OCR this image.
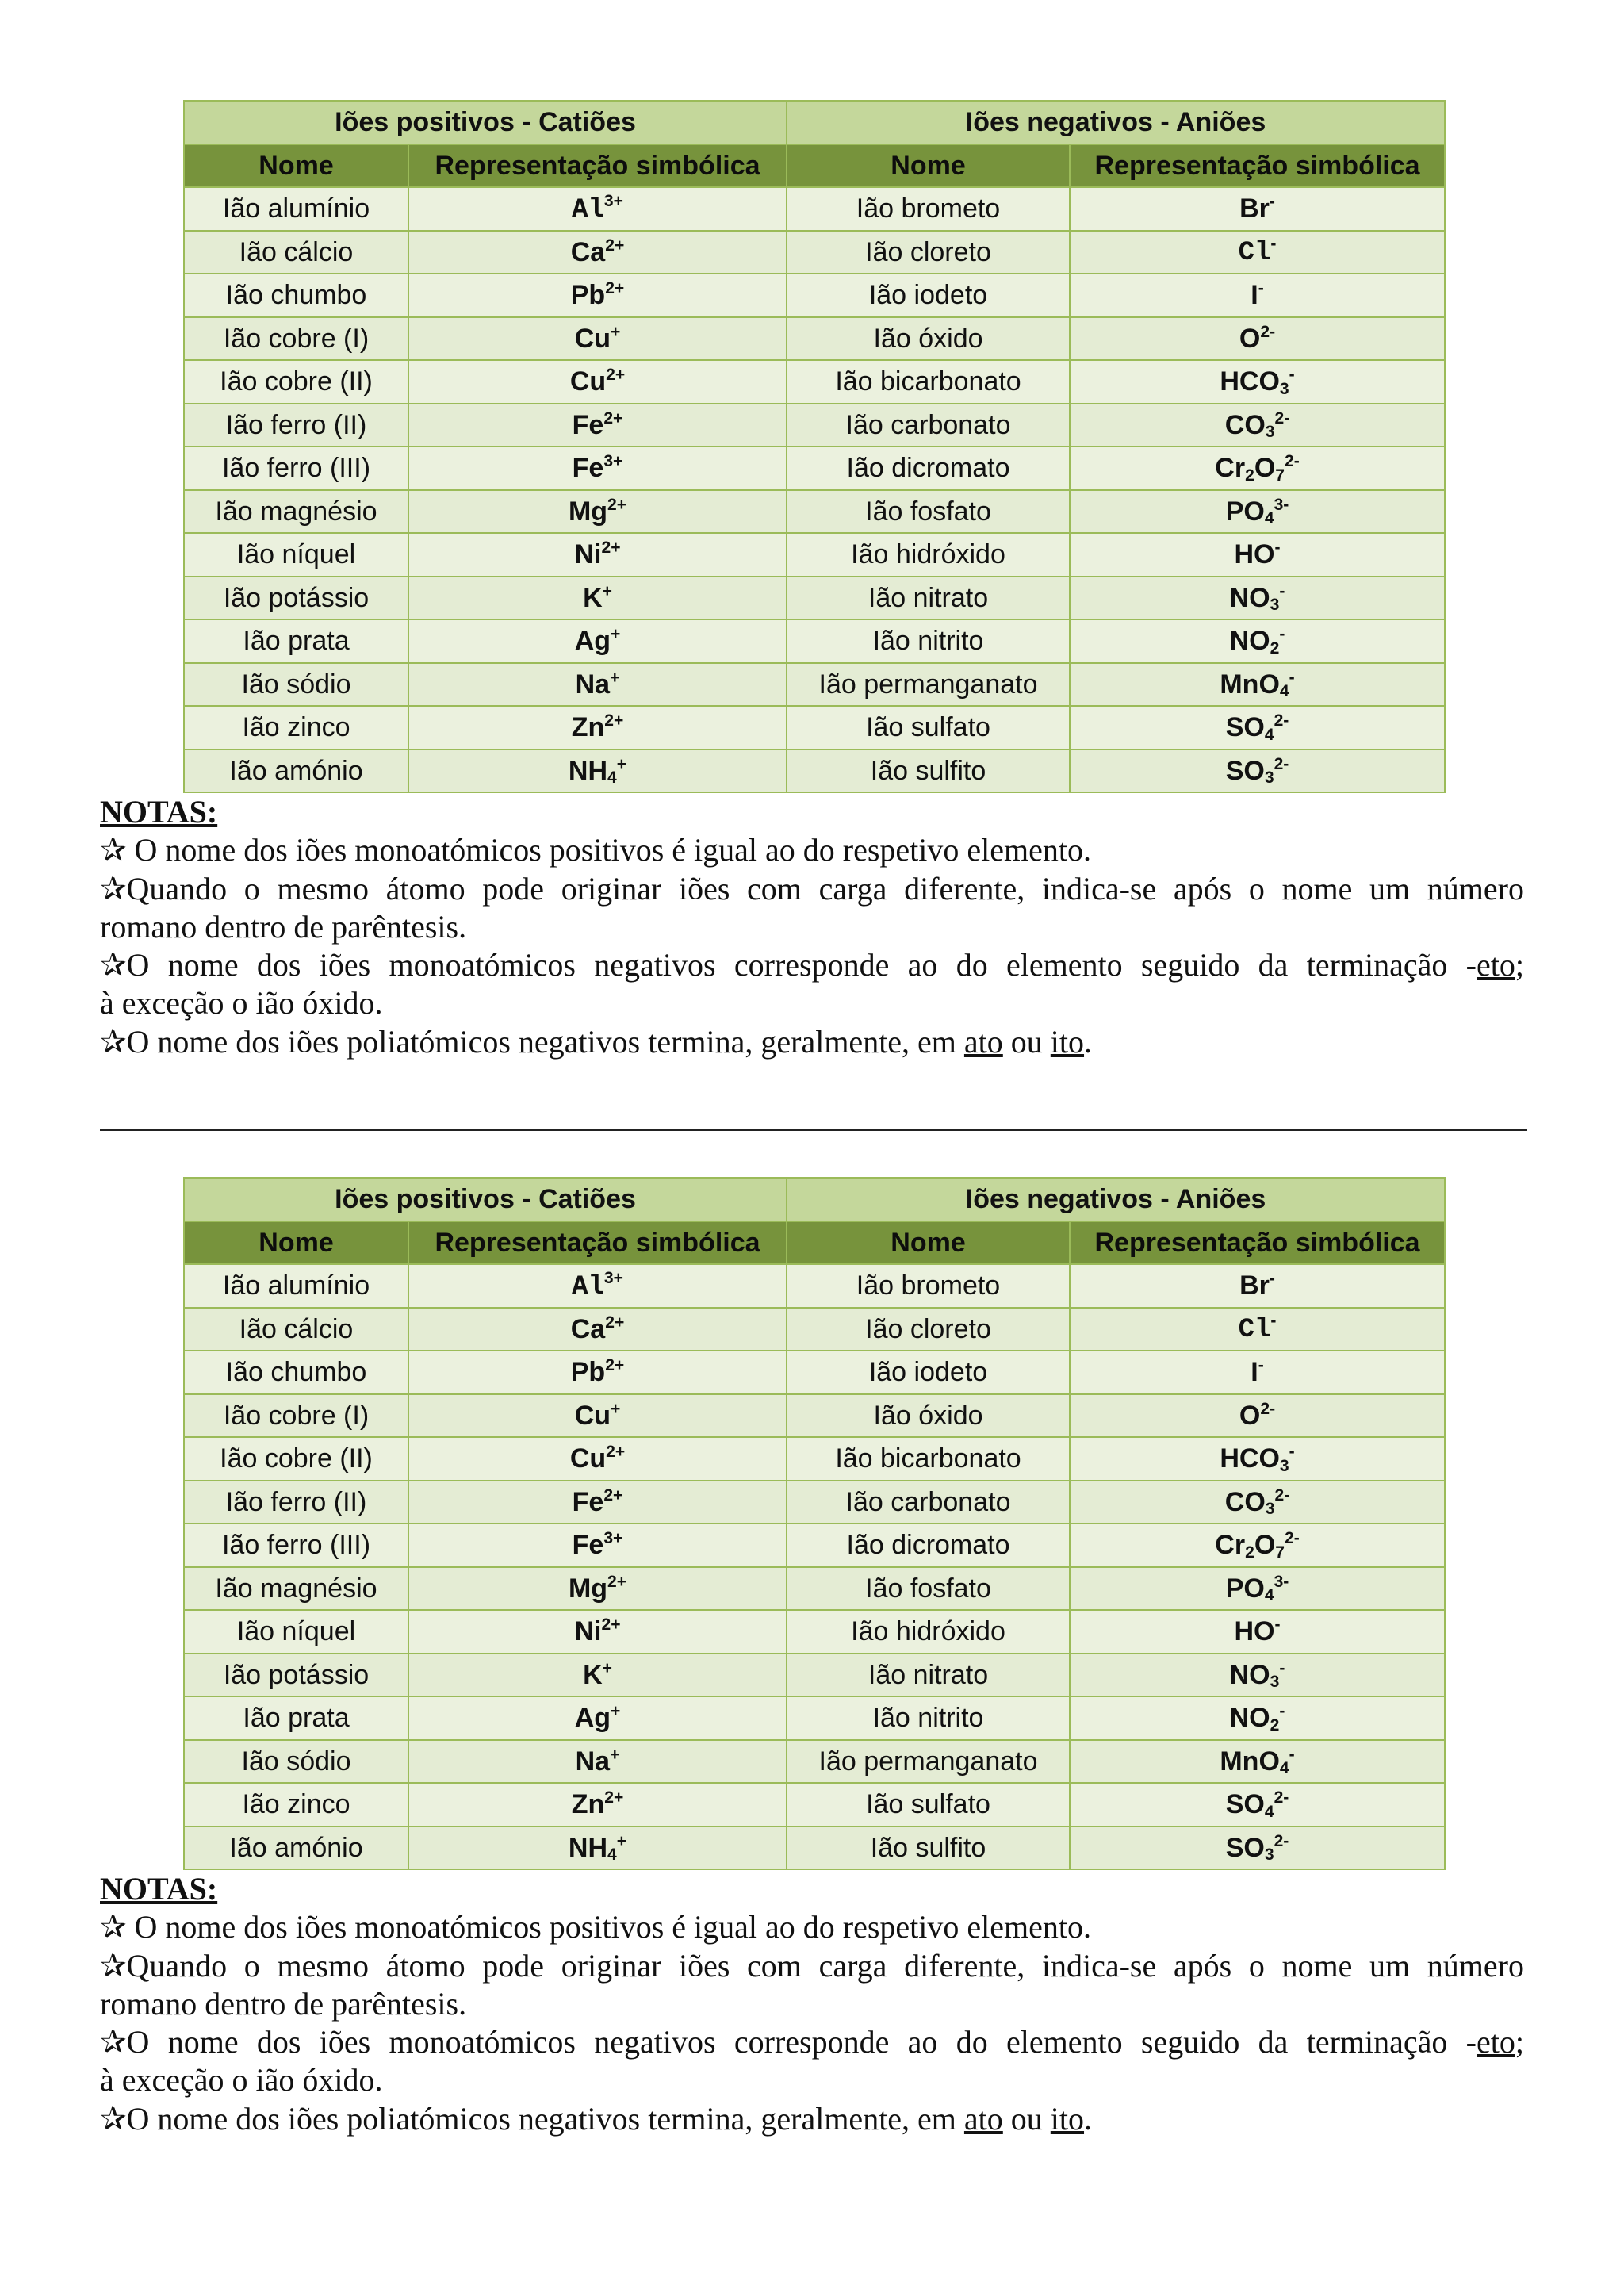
Iões positivos - Catiões		Iões negativos - Aniões	
Nome	Representação simbólica	Nome	Representação simbólica
Ião alumínio	$Al^{3+}$	Ião brometo	Br-
Ião cálcio	$Ca^{2+}$	Ião cloreto	Cl-
Ião chumbo	$Pb^{2+}$	Ião iodeto	I-
Ião cobre (I)	Cu+	Ião óxido	$O^{2-}$
Ião cobre (II)	$Cu^{2+}$	Ião bicarbonato	$HCO_3^-$
Ião ferro (II)	$Fe^{2+}$	Ião carbonato	$CO_3^{2-}$
Ião ferro (III)	$Fe^{3+}$	Ião dicromato	$Cr_2O_7^{2-}$
Ião magnésio	$Mg^{2+}$	Ião fosfato	$PO_4^{3-}$
Ião níquel	$Ni^{2+}$	Ião hidróxido	HO-
Ião potássio	K+	Ião nitrato	$NO_3^-$
Ião prata	Ag+	Ião nitrito	$NO_2^-$
Ião sódio	Na+	Ião permanganato	MnO$_4$-
Ião zinco	$Zn^{2+}$	Ião sulfato	$SO_4^{2-}$
Ião amónio	$NH_4^+$	Ião sulfito	$SO_3^{2-}$
NOTAS:
✰ O nome dos iões monoatómicos positivos é igual ao do respetivo elemento.
✰Quando o mesmo átomo pode originar iões com carga diferente, indica-se após o nome um número
romano dentro de parêntesis.
✰O nome dos iões monoatómicos negativos corresponde ao do elemento seguido da terminação -eto;
à exceção o ião óxido.
✰O nome dos iões poliatómicos negativos termina, geralmente, em ato ou ito.
Iões positivos - Catiões		Iões negativos - Aniões	
Nome	Representação simbólica	Nome	Representação simbólica
Ião alumínio	$Al^{3+}$	Ião brometo	Br-
Ião cálcio	$Ca^{2+}$	Ião cloreto	Cl-
Ião chumbo	$Pb^{2+}$	Ião iodeto	I-
Ião cobre (I)	Cu+	Ião óxido	$O^{2-}$
Ião cobre (II)	$Cu^{2+}$	Ião bicarbonato	$HCO_3^-$
Ião ferro (II)	$Fe^{2+}$	Ião carbonato	$CO_3^{2-}$
Ião ferro (III)	$Fe^{3+}$	Ião dicromato	$Cr_2O_7^{2-}$
Ião magnésio	$Mg^{2+}$	Ião fosfato	$PO_4^{3-}$
Ião níquel	$Ni^{2+}$	Ião hidróxido	HO-
Ião potássio	K+	Ião nitrato	$NO_3^-$
Ião prata	Ag+	Ião nitrito	$NO_2^-$
Ião sódio	Na+	Ião permanganato	MnO$_4$-
Ião zinco	$Zn^{2+}$	Ião sulfato	$SO_4^{2-}$
Ião amónio	$NH_4^+$	Ião sulfito	$SO_3^{2-}$
NOTAS:
✰ O nome dos iões monoatómicos positivos é igual ao do respetivo elemento.
✰Quando o mesmo átomo pode originar iões com carga diferente, indica-se após o nome um número
romano dentro de parêntesis.
✰O nome dos iões monoatómicos negativos corresponde ao do elemento seguido da terminação -eto;
à exceção o ião óxido.
✰O nome dos iões poliatómicos negativos termina, geralmente, em ato ou ito.
